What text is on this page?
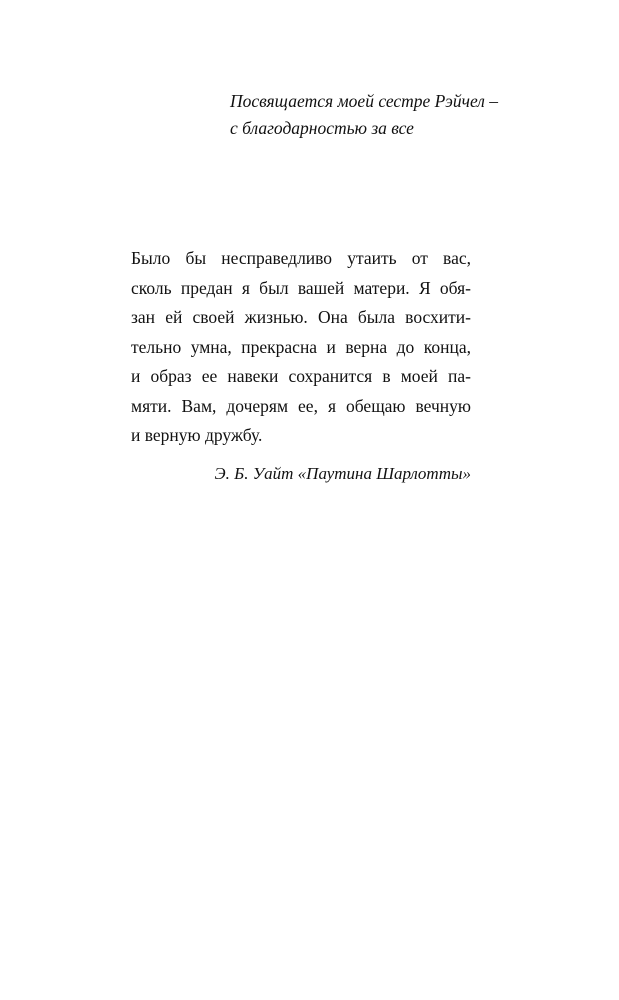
Посвящается моей сестре Рэйчел –
с благодарностью за все
Было бы несправедливо утаить от вас,
сколь предан я был вашей матери. Я обя-
зан ей своей жизнью. Она была восхити-
тельно умна, прекрасна и верна до конца,
и образ ее навеки сохранится в моей па-
мяти. Вам, дочерям ее, я обещаю вечную
и верную дружбу.
Э. Б. Уайт «Паутина Шарлотты»
